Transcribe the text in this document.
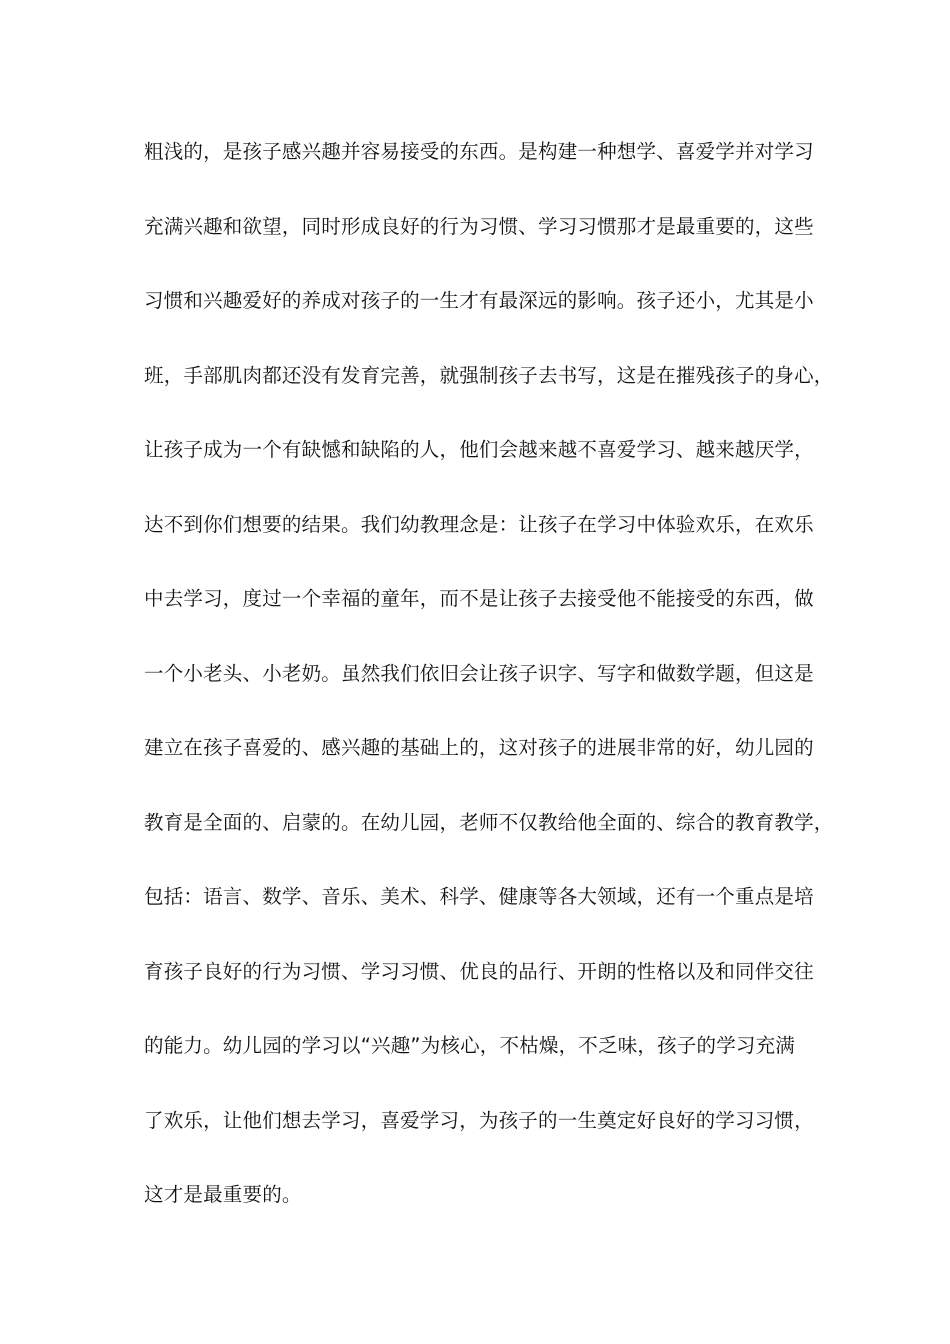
粗浅的，是孩子感兴趣并容易接受的东西。是构建一种想学、喜爱学并对学习
充满兴趣和欲望，同时形成良好的行为习惯、学习习惯那才是最重要的，这些
习惯和兴趣爱好的养成对孩子的一生才有最深远的影响。孩子还小，尤其是小
班，手部肌肉都还没有发育完善，就强制孩子去书写，这是在摧残孩子的身心，
让孩子成为一个有缺憾和缺陷的人，他们会越来越不喜爱学习、越来越厌学，
达不到你们想要的结果。我们幼教理念是：让孩子在学习中体验欢乐，在欢乐
中去学习，度过一个幸福的童年，而不是让孩子去接受他不能接受的东西，做
一个小老头、小老奶。虽然我们依旧会让孩子识字、写字和做数学题，但这是
建立在孩子喜爱的、感兴趣的基础上的，这对孩子的进展非常的好，幼儿园的
教育是全面的、启蒙的。在幼儿园，老师不仅教给他全面的、综合的教育教学，
包括：语言、数学、音乐、美术、科学、健康等各大领域，还有一个重点是培
育孩子良好的行为习惯、学习习惯、优良的品行、开朗的性格以及和同伴交往
的能力。幼儿园的学习以“兴趣”为核心，不枯燥，不乏味，孩子的学习充满
了欢乐，让他们想去学习，喜爱学习，为孩子的一生奠定好良好的学习习惯，
这才是最重要的。
